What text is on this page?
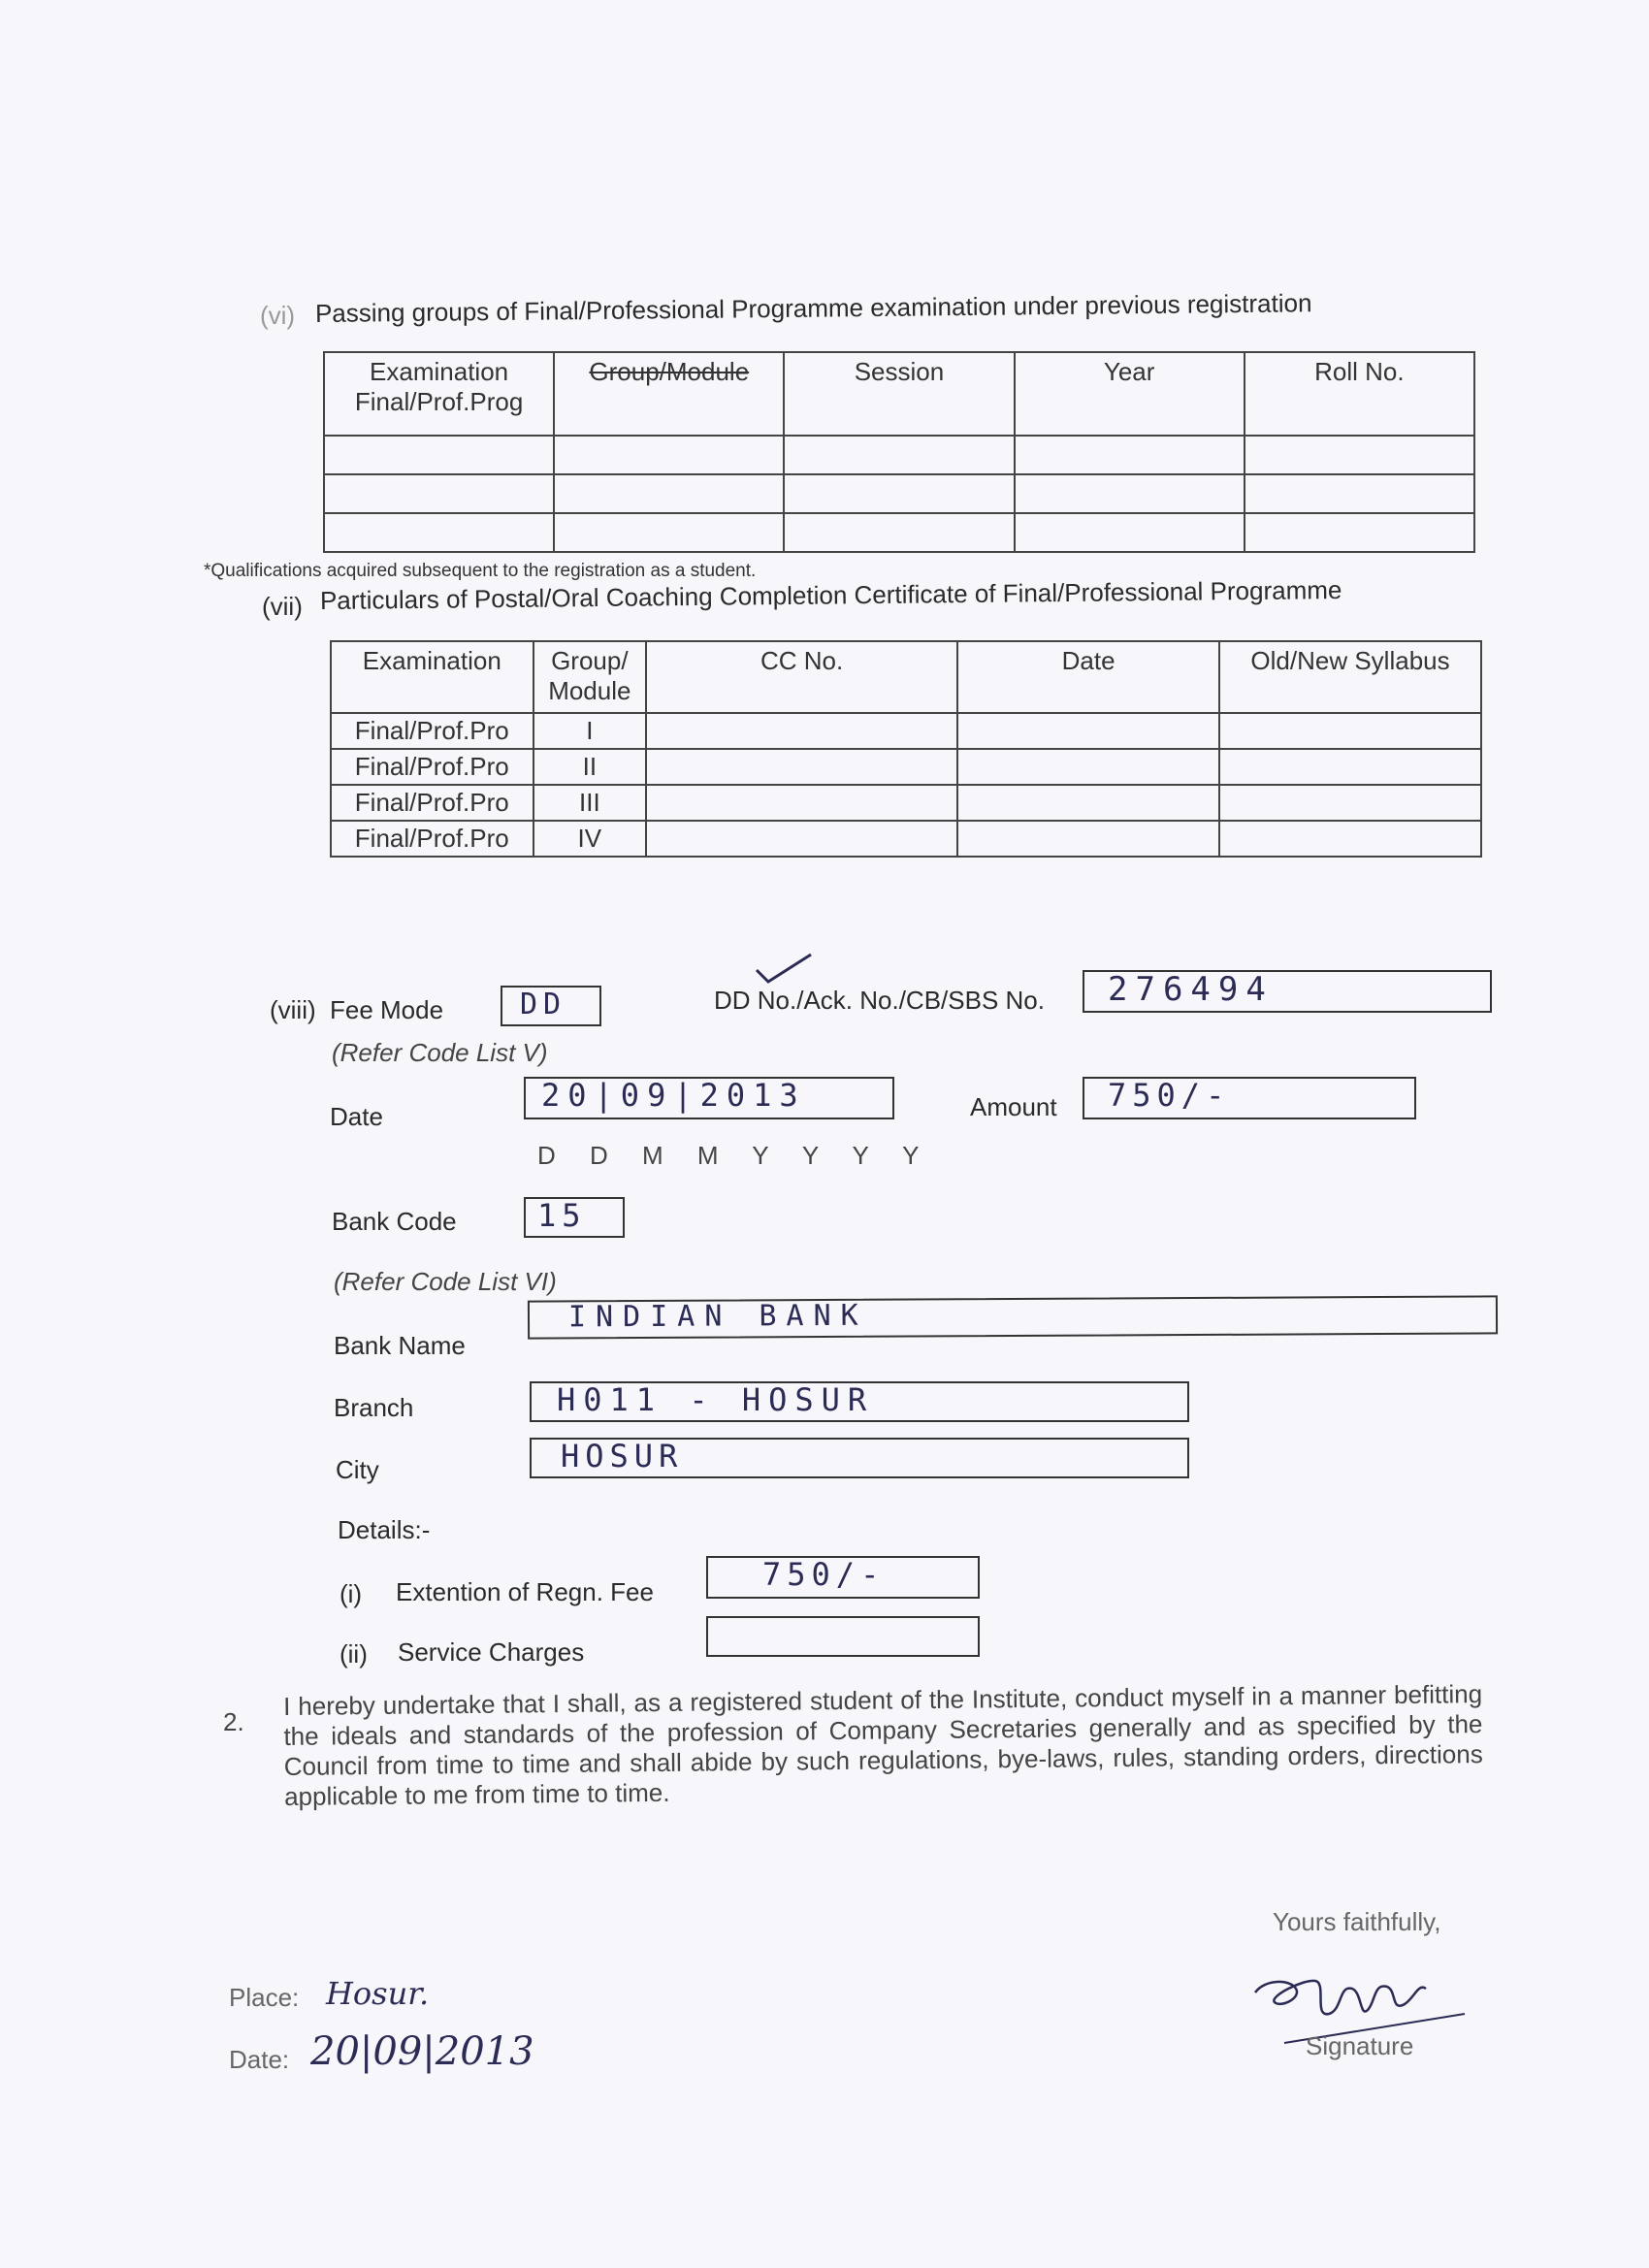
(vi) Passing groups of Final/Professional Programme examination under previous registration
Examination Final/Prof.Prog	Group/Module	Session	Year	Roll No.

*Qualifications acquired subsequent to the registration as a student.
(vii) Particulars of Postal/Oral Coaching Completion Certificate of Final/Professional Programme
Examination	Group/ Module	CC No.	Date	Old/New Syllabus
Final/Prof.Pro	I			
Final/Prof.Pro	II			
Final/Prof.Pro	III			
Final/Prof.Pro	IV			
(viii) Fee Mode	DD
(Refer Code List V)
DD No./Ack. No./CB/SBS No. 276494
Date
20|09|2013
D D M M Y Y Y Y
Amount 750/-
Bank Code	15
(Refer Code List VI)
Bank Name
INDIAN BANK
Branch	H011 - HOSUR
City	HOSUR
Details:-
(i) Extention of Regn. Fee	750/-
(ii) Service Charges
2.
I hereby undertake that I shall, as a registered student of the Institute, conduct myself in a manner befitting the ideals and standards of the profession of Company Secretaries generally and as specified by the Council from time to time and shall abide by such regulations, bye-laws, rules, standing orders, directions applicable to me from time to time.
Yours faithfully,
Signature
Place: Hosur.
Date: 20|09|2013
